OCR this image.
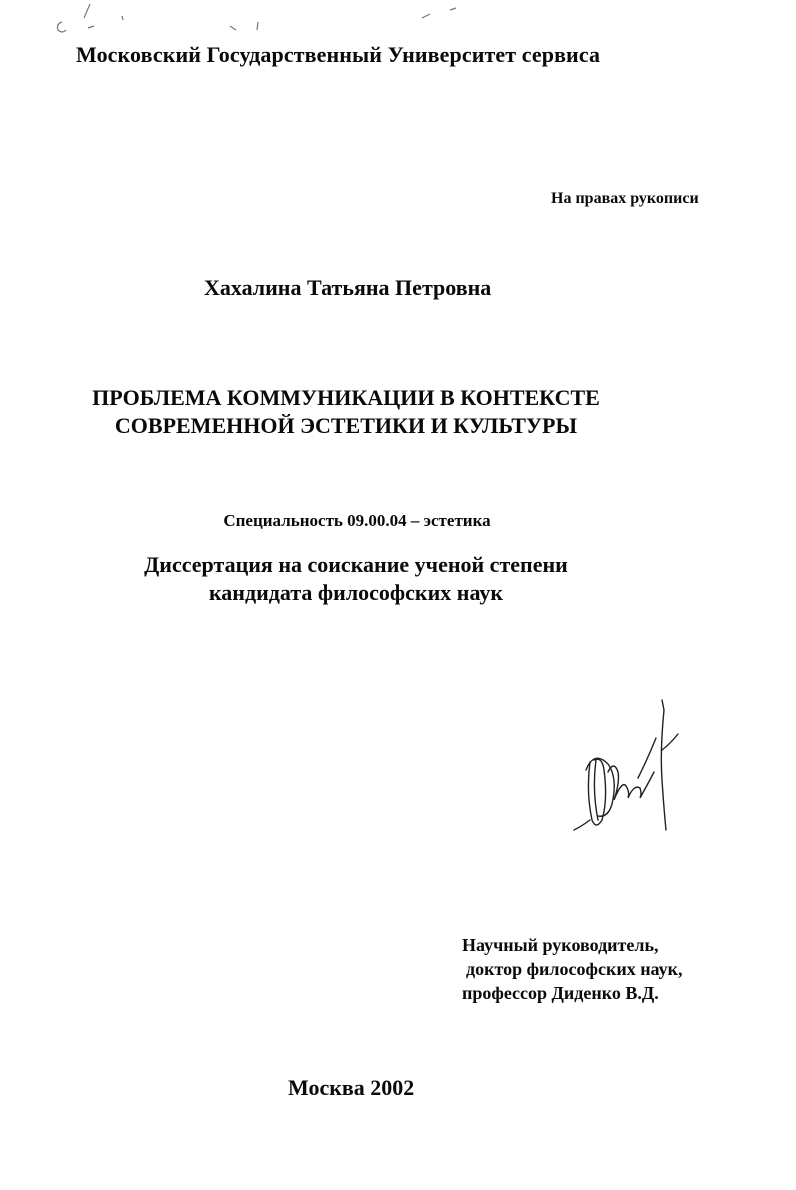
Московский Государственный Университет сервиса
На правах рукописи
Хахалина Татьяна Петровна
ПРОБЛЕМА КОММУНИКАЦИИ В КОНТЕКСТЕ
СОВРЕМЕННОЙ ЭСТЕТИКИ И КУЛЬТУРЫ
Специальность 09.00.04 – эстетика
Диссертация на соискание ученой степени
кандидата философских наук
Научный руководитель,
доктор философских наук,
профессор Диденко В.Д.
Москва 2002
